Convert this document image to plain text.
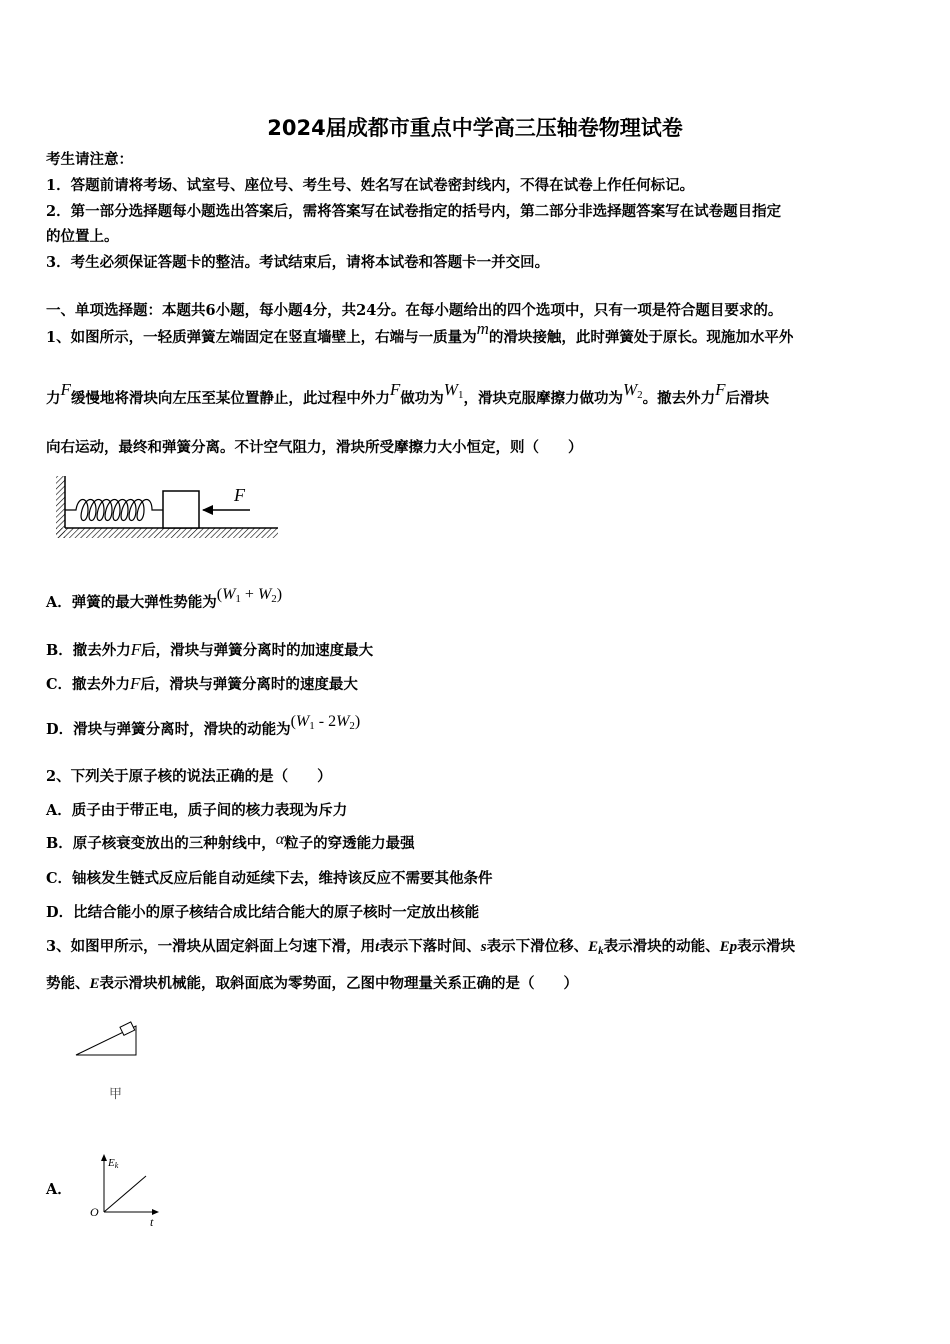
2024届成都市重点中学高三压轴卷物理试卷
考生请注意：
1．答题前请将考场、试室号、座位号、考生号、姓名写在试卷密封线内，不得在试卷上作任何标记。
2．第一部分选择题每小题选出答案后，需将答案写在试卷指定的括号内，第二部分非选择题答案写在试卷题目指定
的位置上。
3．考生必须保证答题卡的整洁。考试结束后，请将本试卷和答题卡一并交回。
一、单项选择题：本题共6小题，每小题4分，共24分。在每小题给出的四个选项中，只有一项是符合题目要求的。
1、如图所示，一轻质弹簧左端固定在竖直墙壁上，右端与一质量为m的滑块接触，此时弹簧处于原长。现施加水平外
力F缓慢地将滑块向左压至某位置静止，此过程中外力F做功为$W_1$，滑块克服摩擦力做功为$W_2$。撤去外力F后滑块
向右运动，最终和弹簧分离。不计空气阻力，滑块所受摩擦力大小恒定，则（　　）
F
A．弹簧的最大弹性势能为$(W_1 + W_2)$
B．撤去外力F后，滑块与弹簧分离时的加速度最大
C．撤去外力F后，滑块与弹簧分离时的速度最大
D．滑块与弹簧分离时，滑块的动能为$(W_1 - 2W_2)$
2、下列关于原子核的说法正确的是（　　）
A．质子由于带正电，质子间的核力表现为斥力
B．原子核衰变放出的三种射线中，α粒子的穿透能力最强
C．铀核发生链式反应后能自动延续下去，维持该反应不需要其他条件
D．比结合能小的原子核结合成比结合能大的原子核时一定放出核能
3、如图甲所示，一滑块从固定斜面上匀速下滑，用t表示下落时间、s表示下滑位移、$E_k$表示滑块的动能、Ep表示滑块
势能、E表示滑块机械能，取斜面底为零势面，乙图中物理量关系正确的是（　　）
甲
A．
Ek
O
t
